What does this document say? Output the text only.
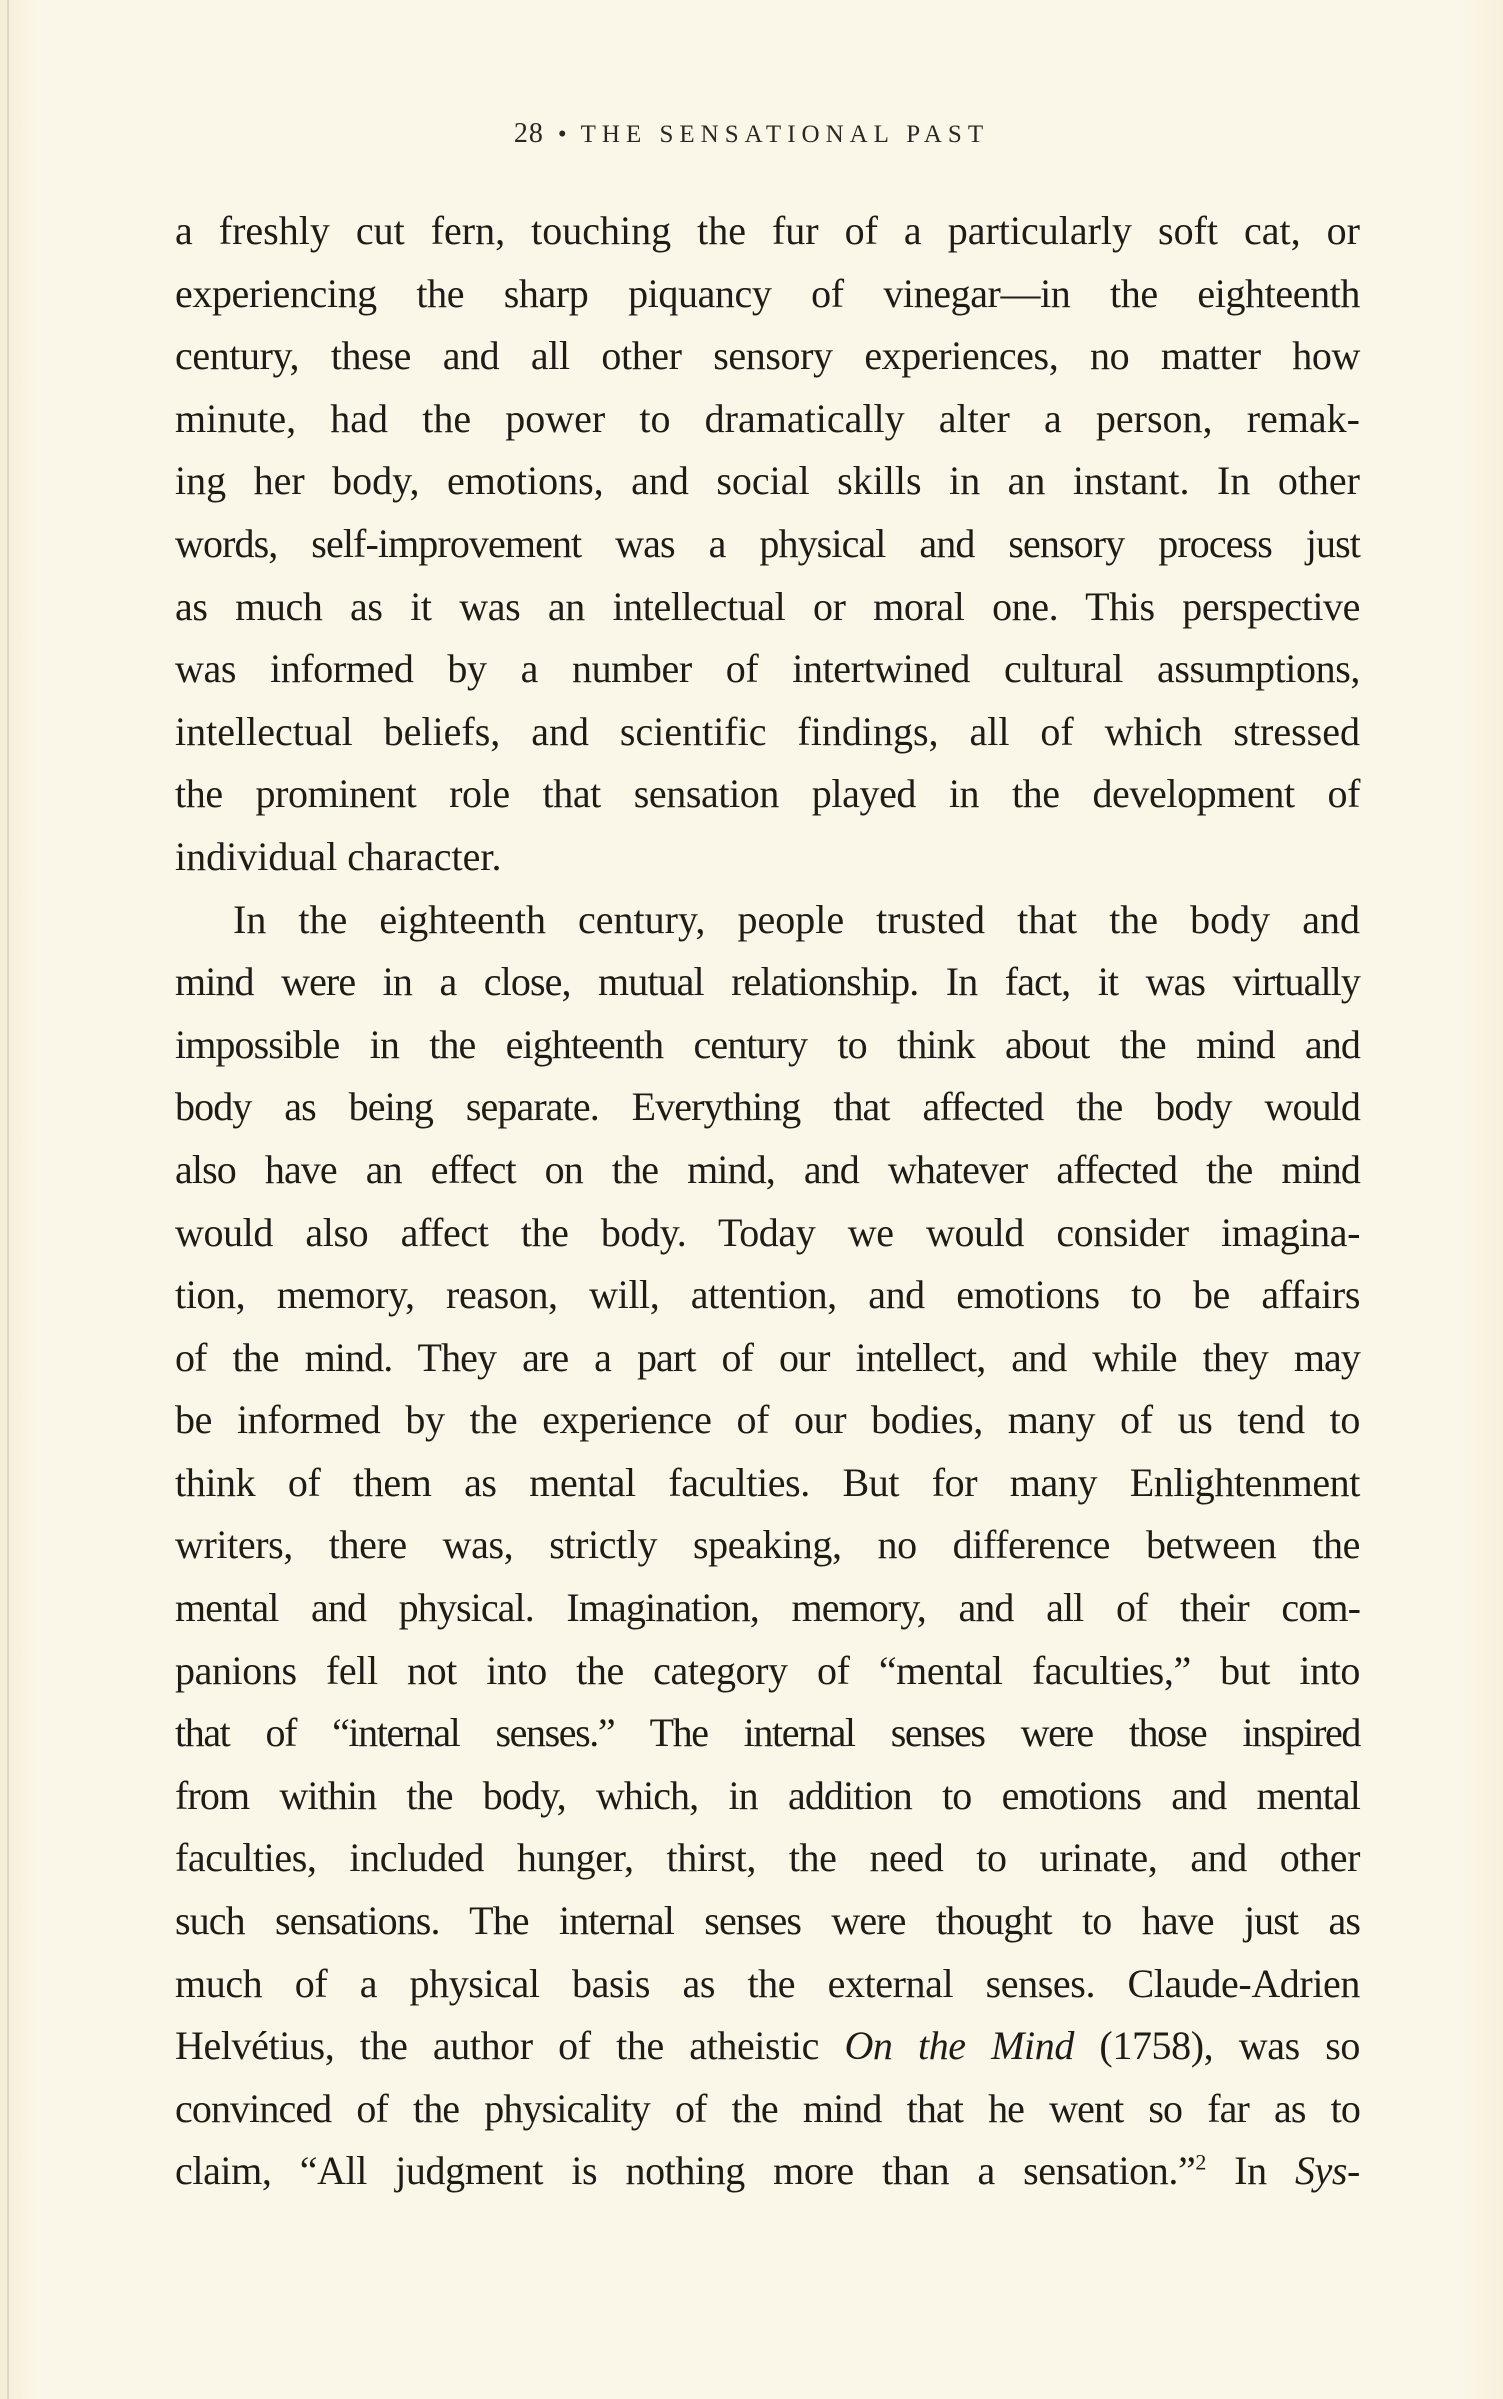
28 • THE SENSATIONAL PAST
a freshly cut fern, touching the fur of a particularly soft cat, or
experiencing the sharp piquancy of vinegar—in the eighteenth
century, these and all other sensory experiences, no matter how
minute, had the power to dramatically alter a person, remak-
ing her body, emotions, and social skills in an instant. In other
words, self-improvement was a physical and sensory process just
as much as it was an intellectual or moral one. This perspective
was informed by a number of intertwined cultural assumptions,
intellectual beliefs, and scientific findings, all of which stressed
the prominent role that sensation played in the development of
individual character.
In the eighteenth century, people trusted that the body and
mind were in a close, mutual relationship. In fact, it was virtually
impossible in the eighteenth century to think about the mind and
body as being separate. Everything that affected the body would
also have an effect on the mind, and whatever affected the mind
would also affect the body. Today we would consider imagina-
tion, memory, reason, will, attention, and emotions to be affairs
of the mind. They are a part of our intellect, and while they may
be informed by the experience of our bodies, many of us tend to
think of them as mental faculties. But for many Enlightenment
writers, there was, strictly speaking, no difference between the
mental and physical. Imagination, memory, and all of their com-
panions fell not into the category of “mental faculties,” but into
that of “internal senses.” The internal senses were those inspired
from within the body, which, in addition to emotions and mental
faculties, included hunger, thirst, the need to urinate, and other
such sensations. The internal senses were thought to have just as
much of a physical basis as the external senses. Claude-Adrien
Helvétius, the author of the atheistic On the Mind (1758), was so
convinced of the physicality of the mind that he went so far as to
claim, “All judgment is nothing more than a sensation.”$^2$ In Sys-
